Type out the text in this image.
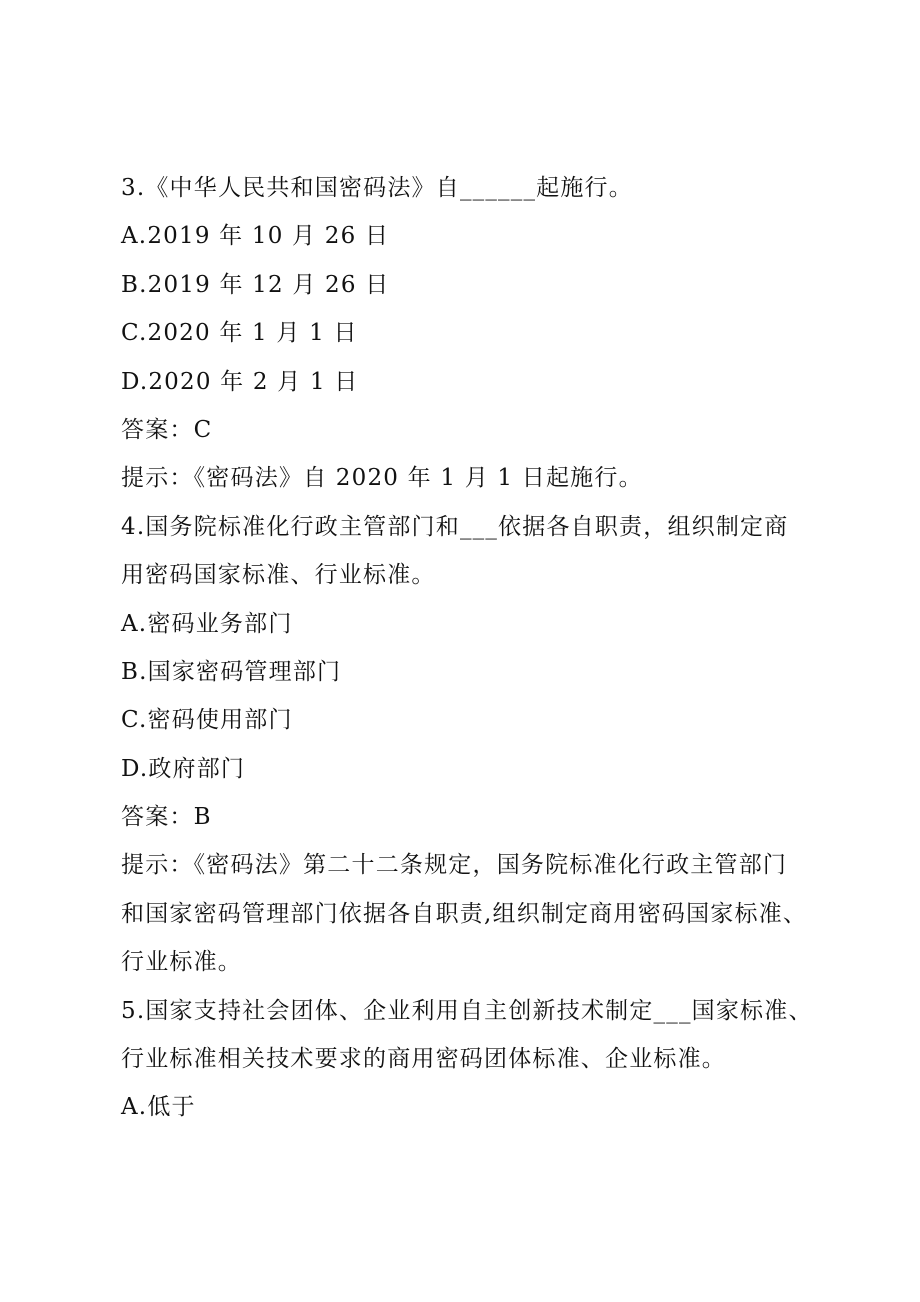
3.《中华人民共和国密码法》自______起施行。
A.2019 年 10 月 26 日
B.2019 年 12 月 26 日
C.2020 年 1 月 1 日
D.2020 年 2 月 1 日
答案：C
提示：《密码法》自 2020 年 1 月 1 日起施行。
4.国务院标准化行政主管部门和___依据各自职责，组织制定商
用密码国家标准、行业标准。
A.密码业务部门
B.国家密码管理部门
C.密码使用部门
D.政府部门
答案：B
提示：《密码法》第二十二条规定，国务院标准化行政主管部门
和国家密码管理部门依据各自职责,组织制定商用密码国家标准、
行业标准。
5.国家支持社会团体、企业利用自主创新技术制定___国家标准、
行业标准相关技术要求的商用密码团体标准、企业标准。
A.低于
